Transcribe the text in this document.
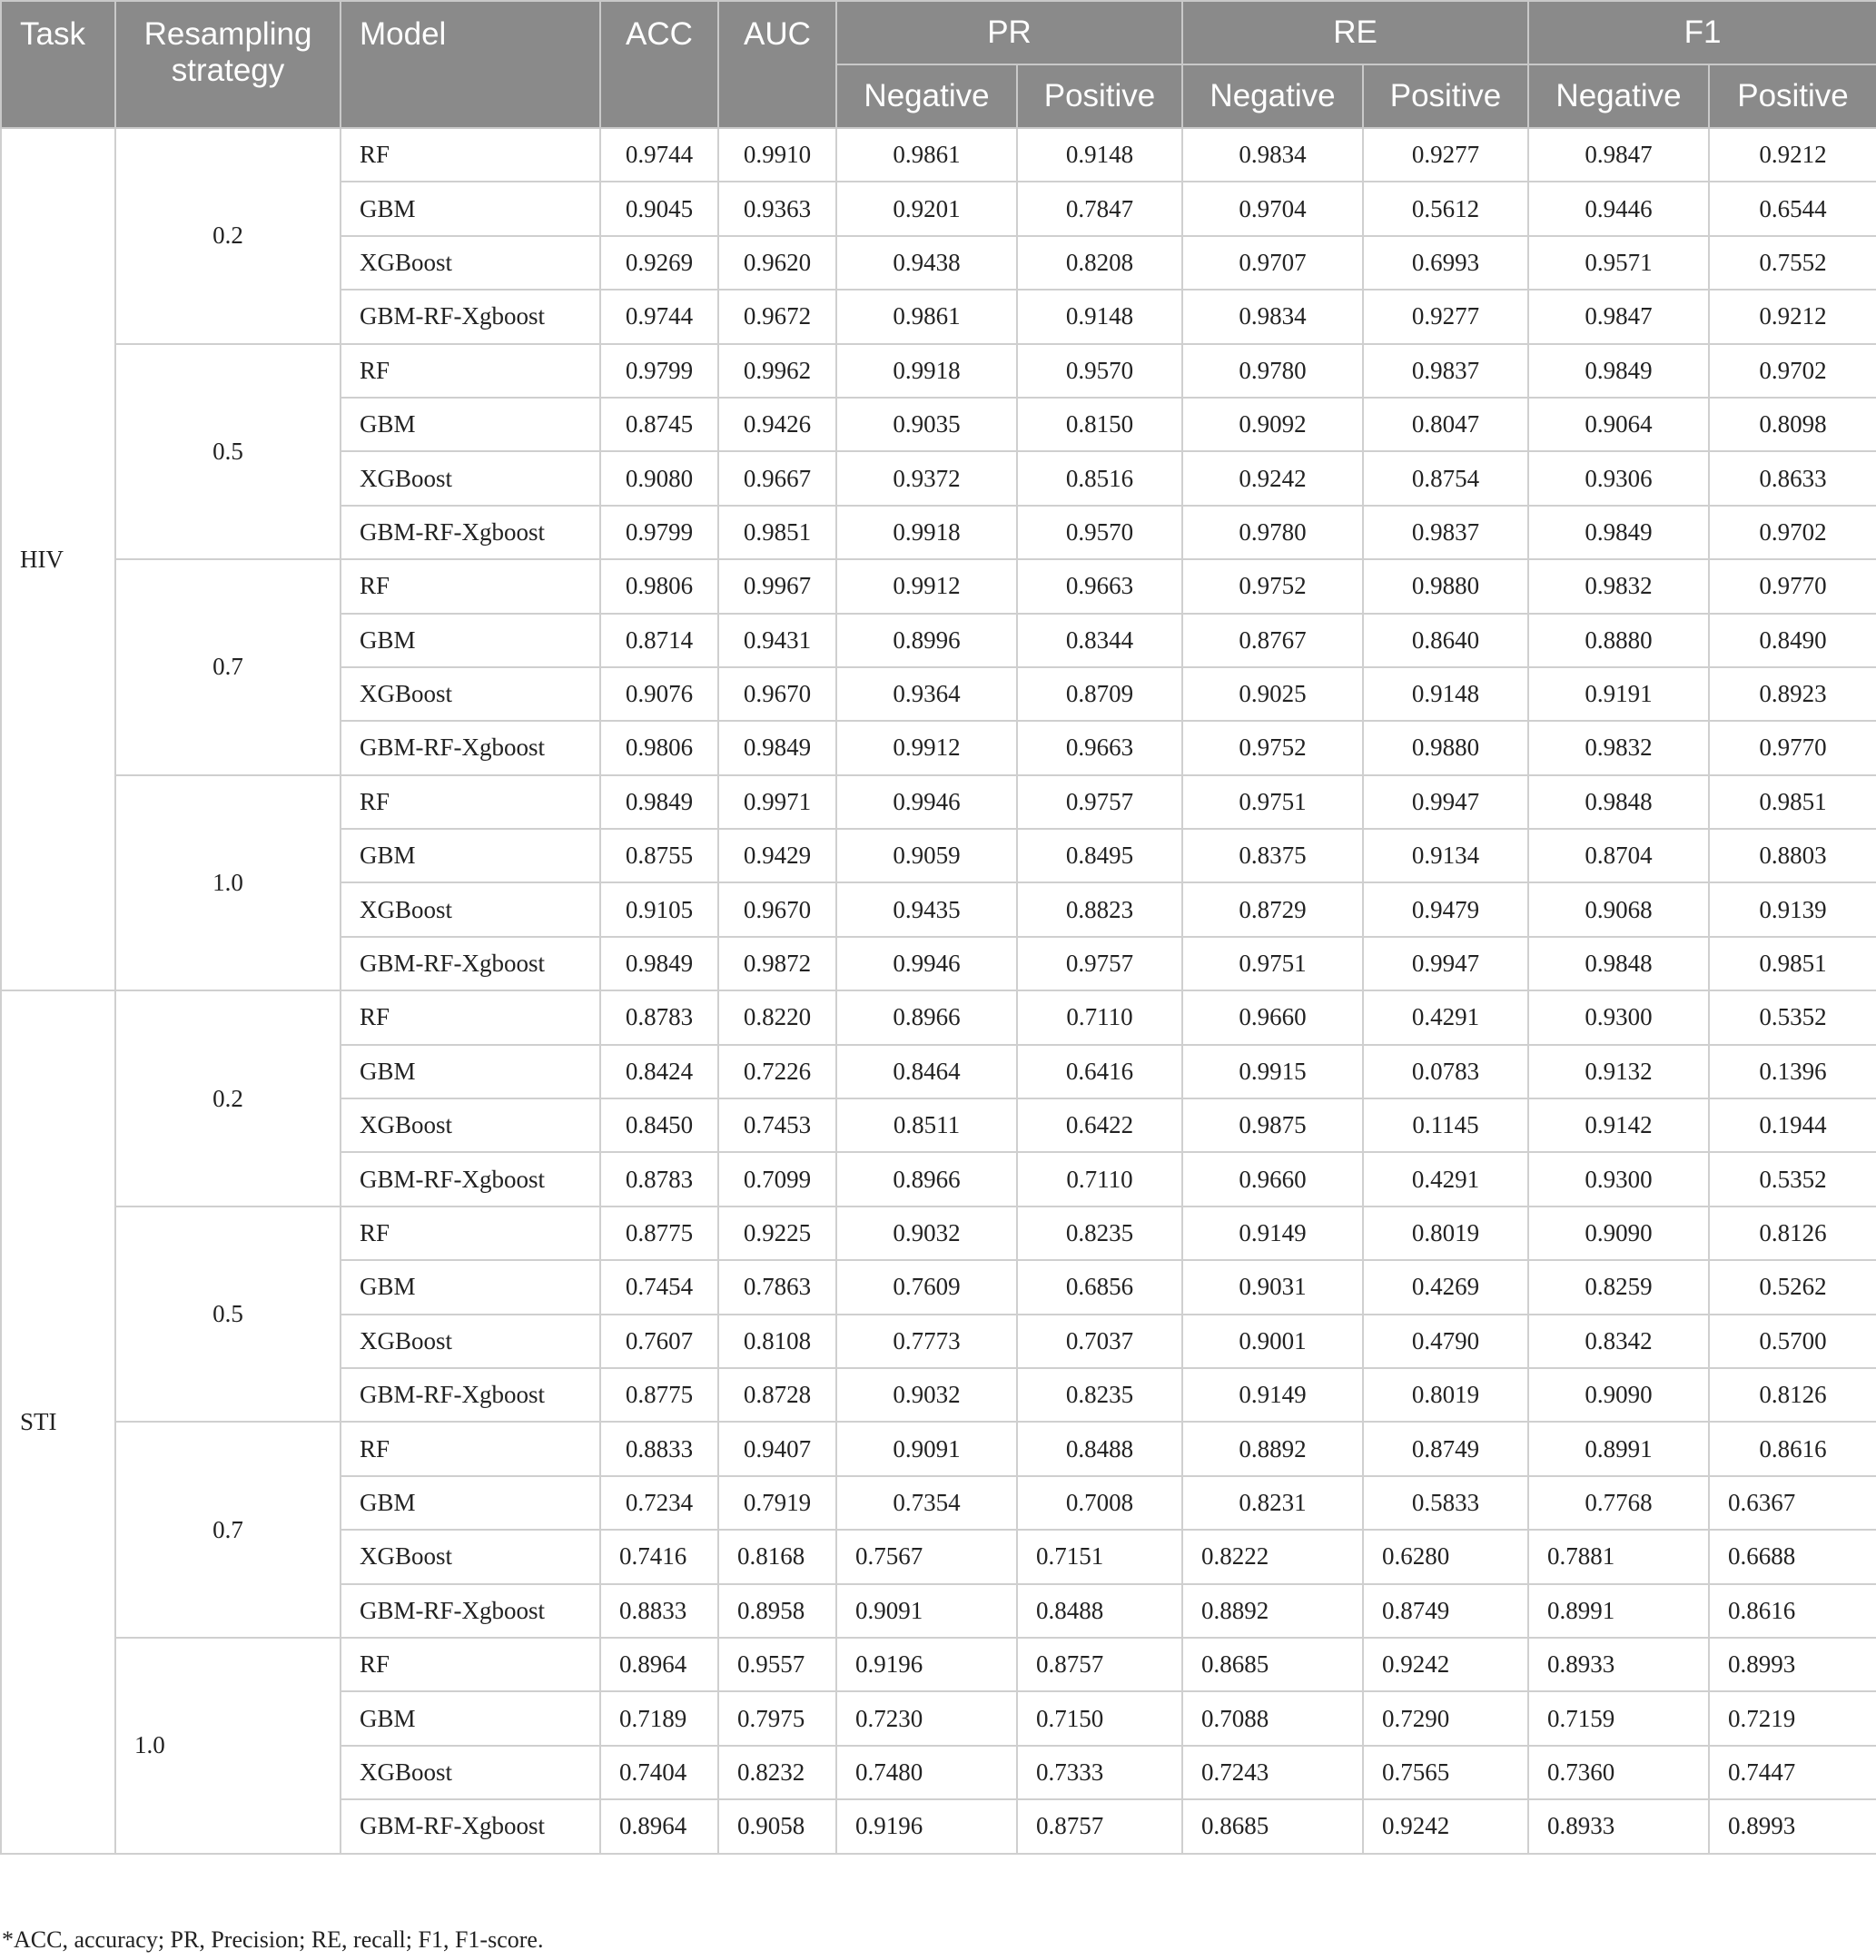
Task	Resampling strategy	Model	ACC	AUC	PR		RE		F1	
					Negative	Positive	Negative	Positive	Negative	Positive
HIV	0.2	RF	0.9744	0.9910	0.9861	0.9148	0.9834	0.9277	0.9847	0.9212
		GBM	0.9045	0.9363	0.9201	0.7847	0.9704	0.5612	0.9446	0.6544
		XGBoost	0.9269	0.9620	0.9438	0.8208	0.9707	0.6993	0.9571	0.7552
		GBM-RF-Xgboost	0.9744	0.9672	0.9861	0.9148	0.9834	0.9277	0.9847	0.9212
	0.5	RF	0.9799	0.9962	0.9918	0.9570	0.9780	0.9837	0.9849	0.9702
		GBM	0.8745	0.9426	0.9035	0.8150	0.9092	0.8047	0.9064	0.8098
		XGBoost	0.9080	0.9667	0.9372	0.8516	0.9242	0.8754	0.9306	0.8633
		GBM-RF-Xgboost	0.9799	0.9851	0.9918	0.9570	0.9780	0.9837	0.9849	0.9702
	0.7	RF	0.9806	0.9967	0.9912	0.9663	0.9752	0.9880	0.9832	0.9770
		GBM	0.8714	0.9431	0.8996	0.8344	0.8767	0.8640	0.8880	0.8490
		XGBoost	0.9076	0.9670	0.9364	0.8709	0.9025	0.9148	0.9191	0.8923
		GBM-RF-Xgboost	0.9806	0.9849	0.9912	0.9663	0.9752	0.9880	0.9832	0.9770
	1.0	RF	0.9849	0.9971	0.9946	0.9757	0.9751	0.9947	0.9848	0.9851
		GBM	0.8755	0.9429	0.9059	0.8495	0.8375	0.9134	0.8704	0.8803
		XGBoost	0.9105	0.9670	0.9435	0.8823	0.8729	0.9479	0.9068	0.9139
		GBM-RF-Xgboost	0.9849	0.9872	0.9946	0.9757	0.9751	0.9947	0.9848	0.9851
STI	0.2	RF	0.8783	0.8220	0.8966	0.7110	0.9660	0.4291	0.9300	0.5352
		GBM	0.8424	0.7226	0.8464	0.6416	0.9915	0.0783	0.9132	0.1396
		XGBoost	0.8450	0.7453	0.8511	0.6422	0.9875	0.1145	0.9142	0.1944
		GBM-RF-Xgboost	0.8783	0.7099	0.8966	0.7110	0.9660	0.4291	0.9300	0.5352
	0.5	RF	0.8775	0.9225	0.9032	0.8235	0.9149	0.8019	0.9090	0.8126
		GBM	0.7454	0.7863	0.7609	0.6856	0.9031	0.4269	0.8259	0.5262
		XGBoost	0.7607	0.8108	0.7773	0.7037	0.9001	0.4790	0.8342	0.5700
		GBM-RF-Xgboost	0.8775	0.8728	0.9032	0.8235	0.9149	0.8019	0.9090	0.8126
	0.7	RF	0.8833	0.9407	0.9091	0.8488	0.8892	0.8749	0.8991	0.8616
		GBM	0.7234	0.7919	0.7354	0.7008	0.8231	0.5833	0.7768	0.6367
		XGBoost	0.7416	0.8168	0.7567	0.7151	0.8222	0.6280	0.7881	0.6688
		GBM-RF-Xgboost	0.8833	0.8958	0.9091	0.8488	0.8892	0.8749	0.8991	0.8616
	1.0	RF	0.8964	0.9557	0.9196	0.8757	0.8685	0.9242	0.8933	0.8993
		GBM	0.7189	0.7975	0.7230	0.7150	0.7088	0.7290	0.7159	0.7219
		XGBoost	0.7404	0.8232	0.7480	0.7333	0.7243	0.7565	0.7360	0.7447
		GBM-RF-Xgboost	0.8964	0.9058	0.9196	0.8757	0.8685	0.9242	0.8933	0.8993
*ACC, accuracy; PR, Precision; RE, recall; F1, F1-score.
